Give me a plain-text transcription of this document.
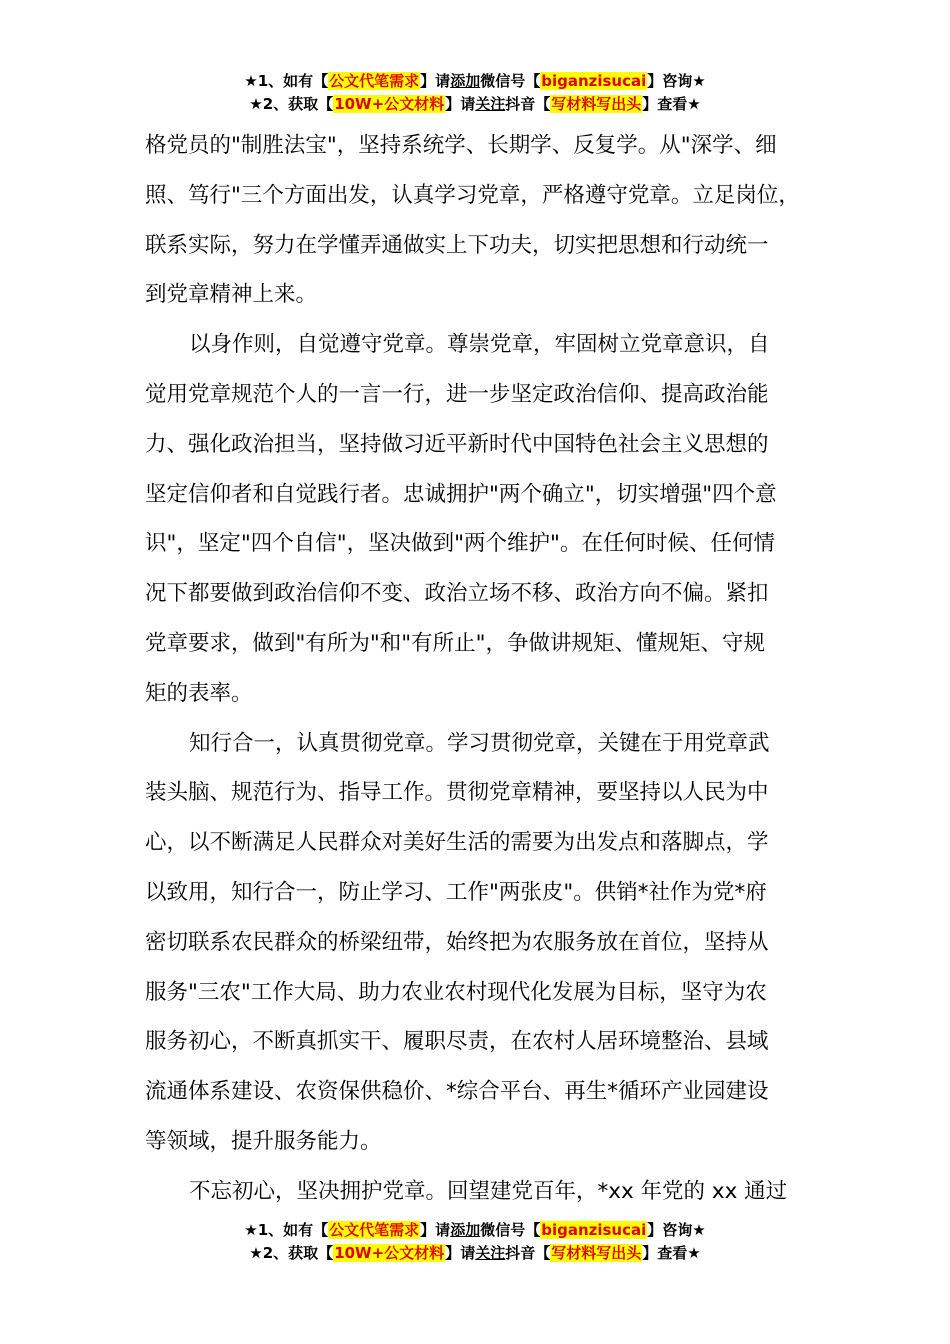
★1、如有【公文代笔需求】请添加微信号【biganzisucai】咨询★
★2、获取【10W+公文材料】请关注抖音【写材料写出头】查看★
格党员的"制胜法宝"，坚持系统学、长期学、反复学。从"深学、细
照、笃行"三个方面出发，认真学习党章，严格遵守党章。立足岗位，
联系实际，努力在学懂弄通做实上下功夫，切实把思想和行动统一
到党章精神上来。
以身作则，自觉遵守党章。尊崇党章，牢固树立党章意识，自
觉用党章规范个人的一言一行，进一步坚定政治信仰、提高政治能
力、强化政治担当，坚持做习近平新时代中国特色社会主义思想的
坚定信仰者和自觉践行者。忠诚拥护"两个确立"，切实增强"四个意
识"，坚定"四个自信"，坚决做到"两个维护"。在任何时候、任何情
况下都要做到政治信仰不变、政治立场不移、政治方向不偏。紧扣
党章要求，做到"有所为"和"有所止"，争做讲规矩、懂规矩、守规
矩的表率。
知行合一，认真贯彻党章。学习贯彻党章，关键在于用党章武
装头脑、规范行为、指导工作。贯彻党章精神，要坚持以人民为中
心，以不断满足人民群众对美好生活的需要为出发点和落脚点，学
以致用，知行合一，防止学习、工作"两张皮"。供销*社作为党*府
密切联系农民群众的桥梁纽带，始终把为农服务放在首位，坚持从
服务"三农"工作大局、助力农业农村现代化发展为目标，坚守为农
服务初心，不断真抓实干、履职尽责，在农村人居环境整治、县域
流通体系建设、农资保供稳价、*综合平台、再生*循环产业园建设
等领域，提升服务能力。
不忘初心，坚决拥护党章。回望建党百年，*xx 年党的 xx 通过
★1、如有【公文代笔需求】请添加微信号【biganzisucai】咨询★
★2、获取【10W+公文材料】请关注抖音【写材料写出头】查看★
